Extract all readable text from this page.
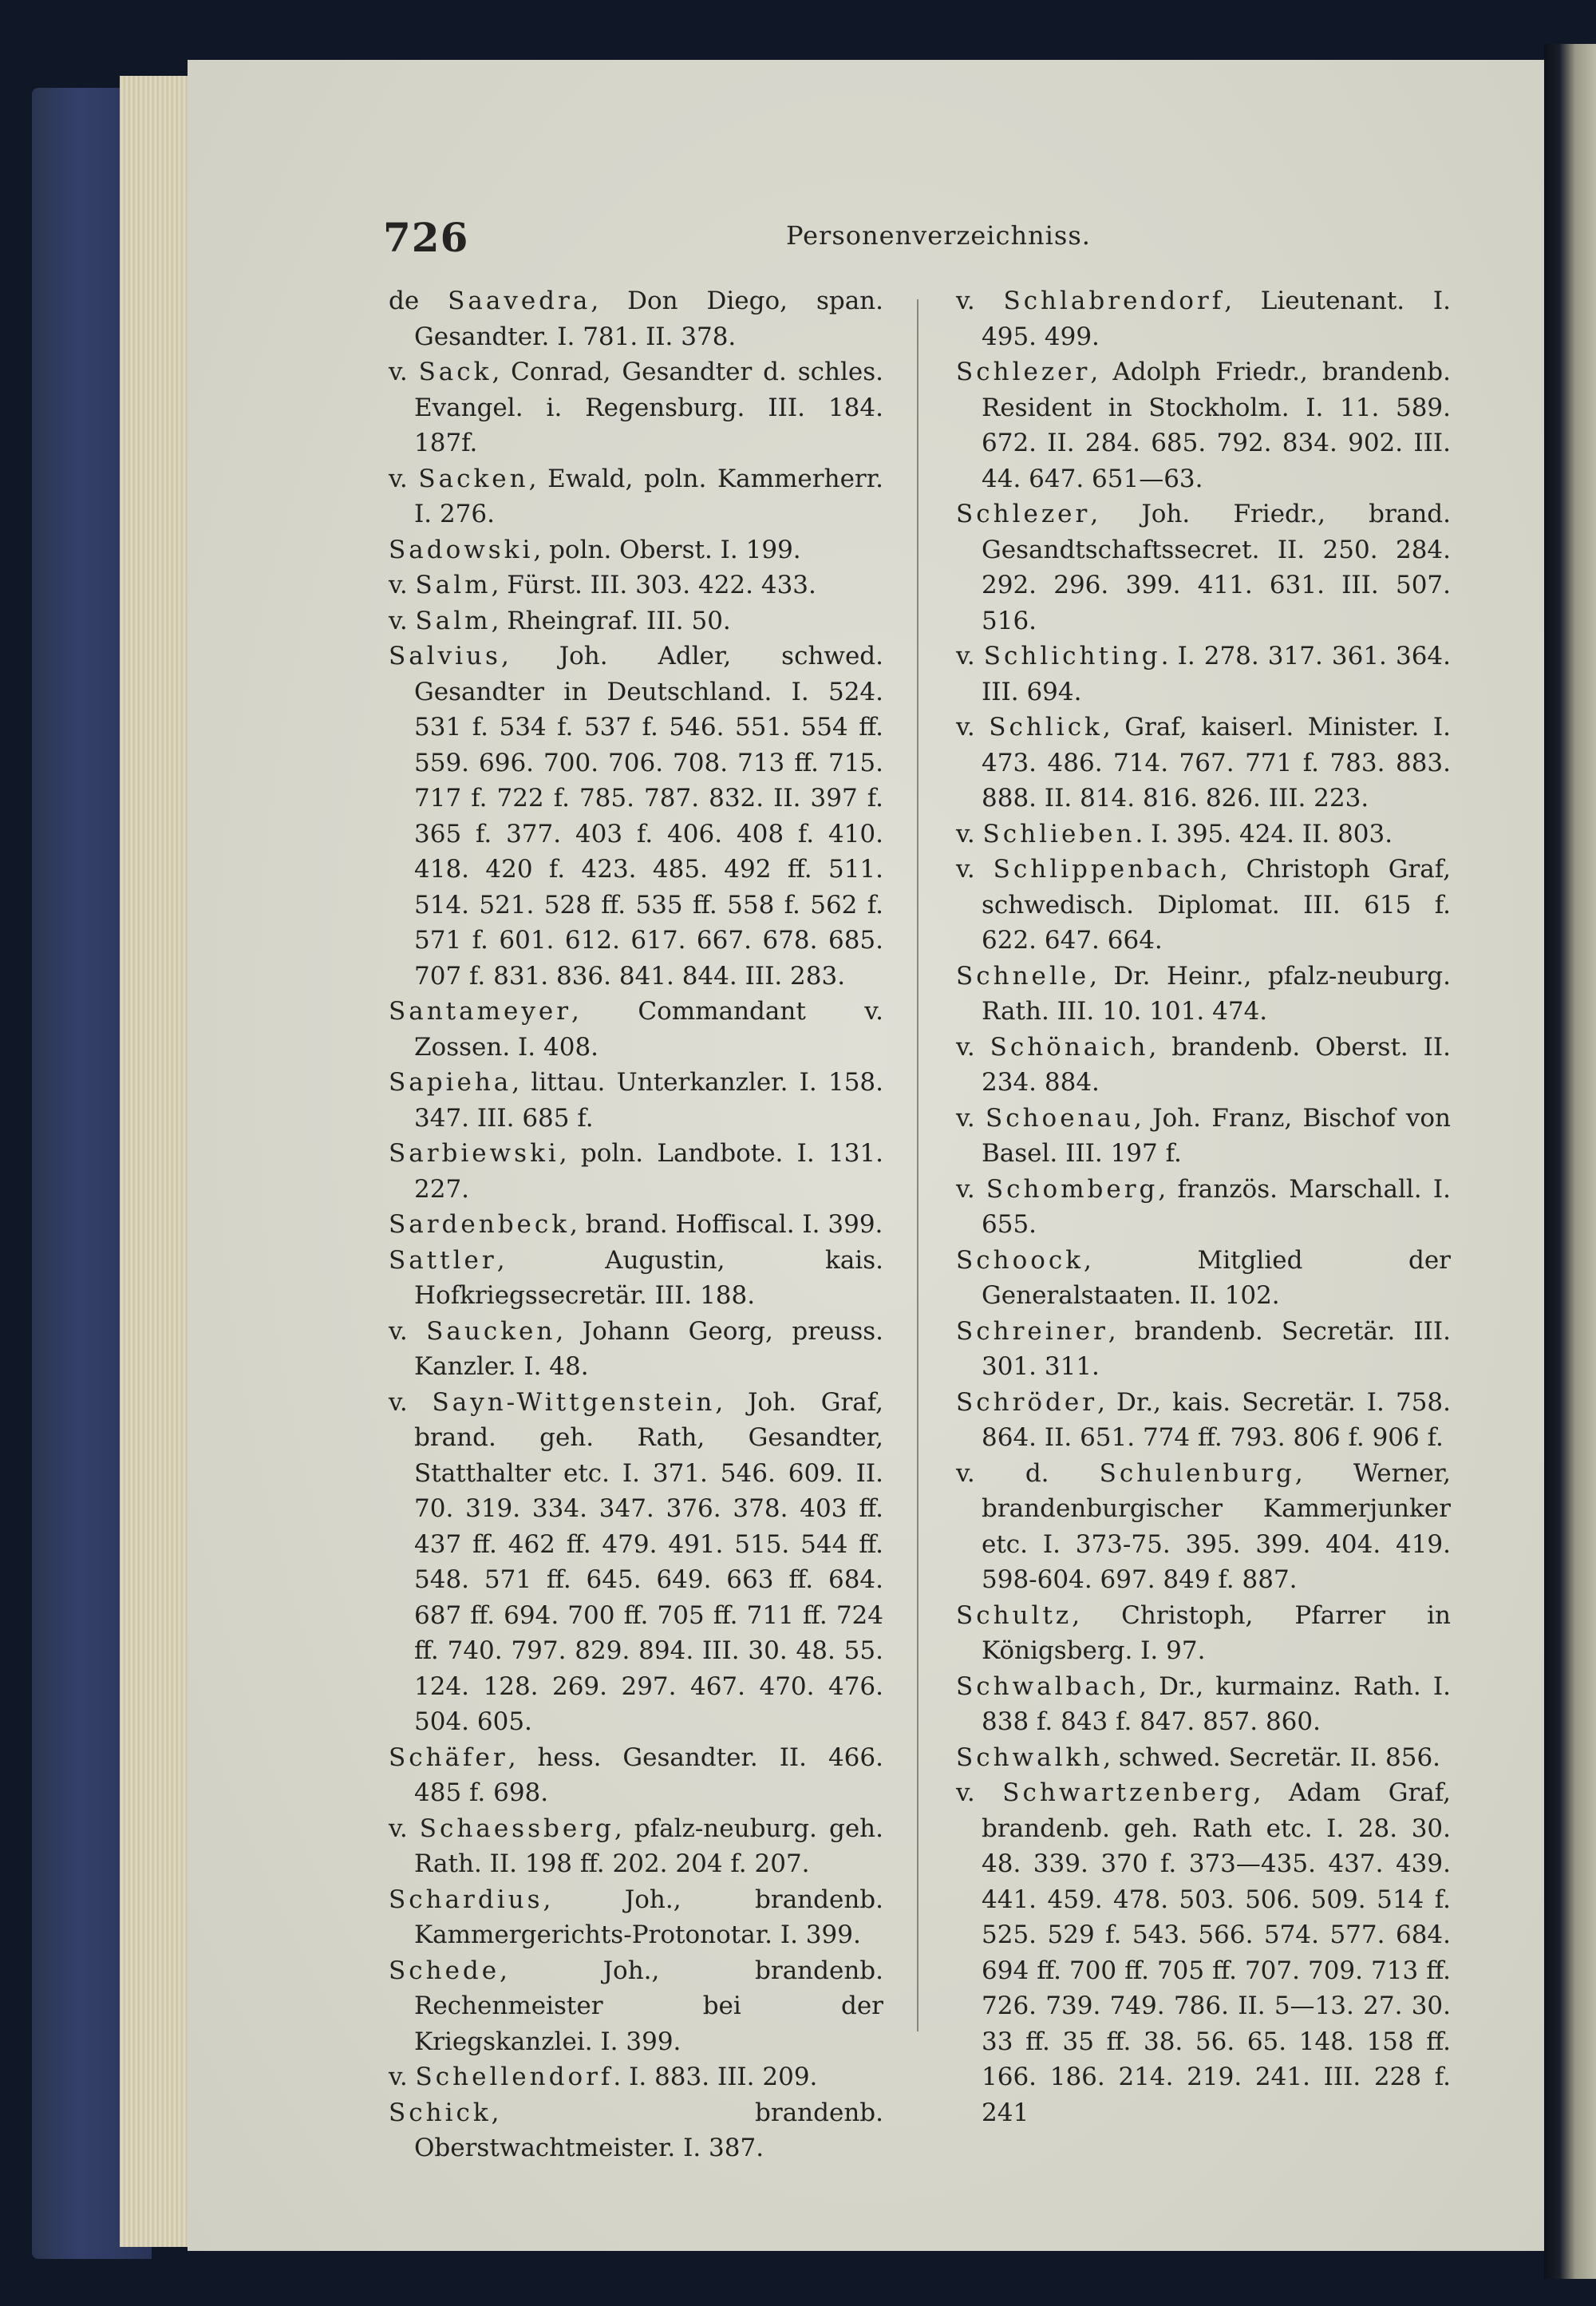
726	Personenverzeichniss.

de Saavedra, Don Diego, span. Gesandter. I. 781. II. 378.

v. Sack, Conrad, Gesandter d. schles. Evangel. i. Regensburg. III. 184. 187f.

v. Sacken, Ewald, poln. Kammerherr. I. 276.

Sadowski, poln. Oberst. I. 199.

v. Salm, Fürst. III. 303. 422. 433.

v. Salm, Rheingraf. III. 50.

Salvius, Joh. Adler, schwed. Gesandter in Deutschland. I. 524. 531 f. 534 f. 537 f. 546. 551. 554 ff. 559. 696. 700. 706. 708. 713 ff. 715. 717 f. 722 f. 785. 787. 832. II. 397 f. 365 f. 377. 403 f. 406. 408 f. 410. 418. 420 f. 423. 485. 492 ff. 511. 514. 521. 528 ff. 535 ff. 558 f. 562 f. 571 f. 601. 612. 617. 667. 678. 685. 707 f. 831. 836. 841. 844. III. 283.

Santameyer, Commandant v. Zossen. I. 408.

Sapieha, littau. Unterkanzler. I. 158. 347. III. 685 f.

Sarbiewski, poln. Landbote. I. 131. 227.

Sardenbeck, brand. Hoffiscal. I. 399.

Sattler, Augustin, kais. Hofkriegssecretär. III. 188.

v. Saucken, Johann Georg, preuss. Kanzler. I. 48.

v. Sayn-Wittgenstein, Joh. Graf, brand. geh. Rath, Gesandter, Statthalter etc. I. 371. 546. 609. II. 70. 319. 334. 347. 376. 378. 403 ff. 437 ff. 462 ff. 479. 491. 515. 544 ff. 548. 571 ff. 645. 649. 663 ff. 684. 687 ff. 694. 700 ff. 705 ff. 711 ff. 724 ff. 740. 797. 829. 894. III. 30. 48. 55. 124. 128. 269. 297. 467. 470. 476. 504. 605.

Schäfer, hess. Gesandter. II. 466. 485 f. 698.

v. Schaessberg, pfalz-neuburg. geh. Rath. II. 198 ff. 202. 204 f. 207.

Schardius, Joh., brandenb. Kammergerichts-Protonotar. I. 399.

Schede, Joh., brandenb. Rechenmeister bei der Kriegskanzlei. I. 399.

v. Schellendorf. I. 883. III. 209.

Schick, brandenb. Oberstwachtmeister. I. 387.

v. Schlabrendorf, Lieutenant. I. 495. 499.

Schlezer, Adolph Friedr., brandenb. Resident in Stockholm. I. 11. 589. 672. II. 284. 685. 792. 834. 902. III. 44. 647. 651—63.

Schlezer, Joh. Friedr., brand. Gesandtschaftssecret. II. 250. 284. 292. 296. 399. 411. 631. III. 507. 516.

v. Schlichting. I. 278. 317. 361. 364. III. 694.

v. Schlick, Graf, kaiserl. Minister. I. 473. 486. 714. 767. 771 f. 783. 883. 888. II. 814. 816. 826. III. 223.

v. Schlieben. I. 395. 424. II. 803.

v. Schlippenbach, Christoph Graf, schwedisch. Diplomat. III. 615 f. 622. 647. 664.

Schnelle, Dr. Heinr., pfalz-neuburg. Rath. III. 10. 101. 474.

v. Schönaich, brandenb. Oberst. II. 234. 884.

v. Schoenau, Joh. Franz, Bischof von Basel. III. 197 f.

v. Schomberg, französ. Marschall. I. 655.

Schoock, Mitglied der Generalstaaten. II. 102.

Schreiner, brandenb. Secretär. III. 301. 311.

Schröder, Dr., kais. Secretär. I. 758. 864. II. 651. 774 ff. 793. 806 f. 906 f.

v. d. Schulenburg, Werner, brandenburgischer Kammerjunker etc. I. 373-75. 395. 399. 404. 419. 598-604. 697. 849 f. 887.

Schultz, Christoph, Pfarrer in Königsberg. I. 97.

Schwalbach, Dr., kurmainz. Rath. I. 838 f. 843 f. 847. 857. 860.

Schwalkh, schwed. Secretär. II. 856.

v. Schwartzenberg, Adam Graf, brandenb. geh. Rath etc. I. 28. 30. 48. 339. 370 f. 373—435. 437. 439. 441. 459. 478. 503. 506. 509. 514 f. 525. 529 f. 543. 566. 574. 577. 684. 694 ff. 700 ff. 705 ff. 707. 709. 713 ff. 726. 739. 749. 786. II. 5—13. 27. 30. 33 ff. 35 ff. 38. 56. 65. 148. 158 ff. 166. 186. 214. 219. 241. III. 228 f. 241
